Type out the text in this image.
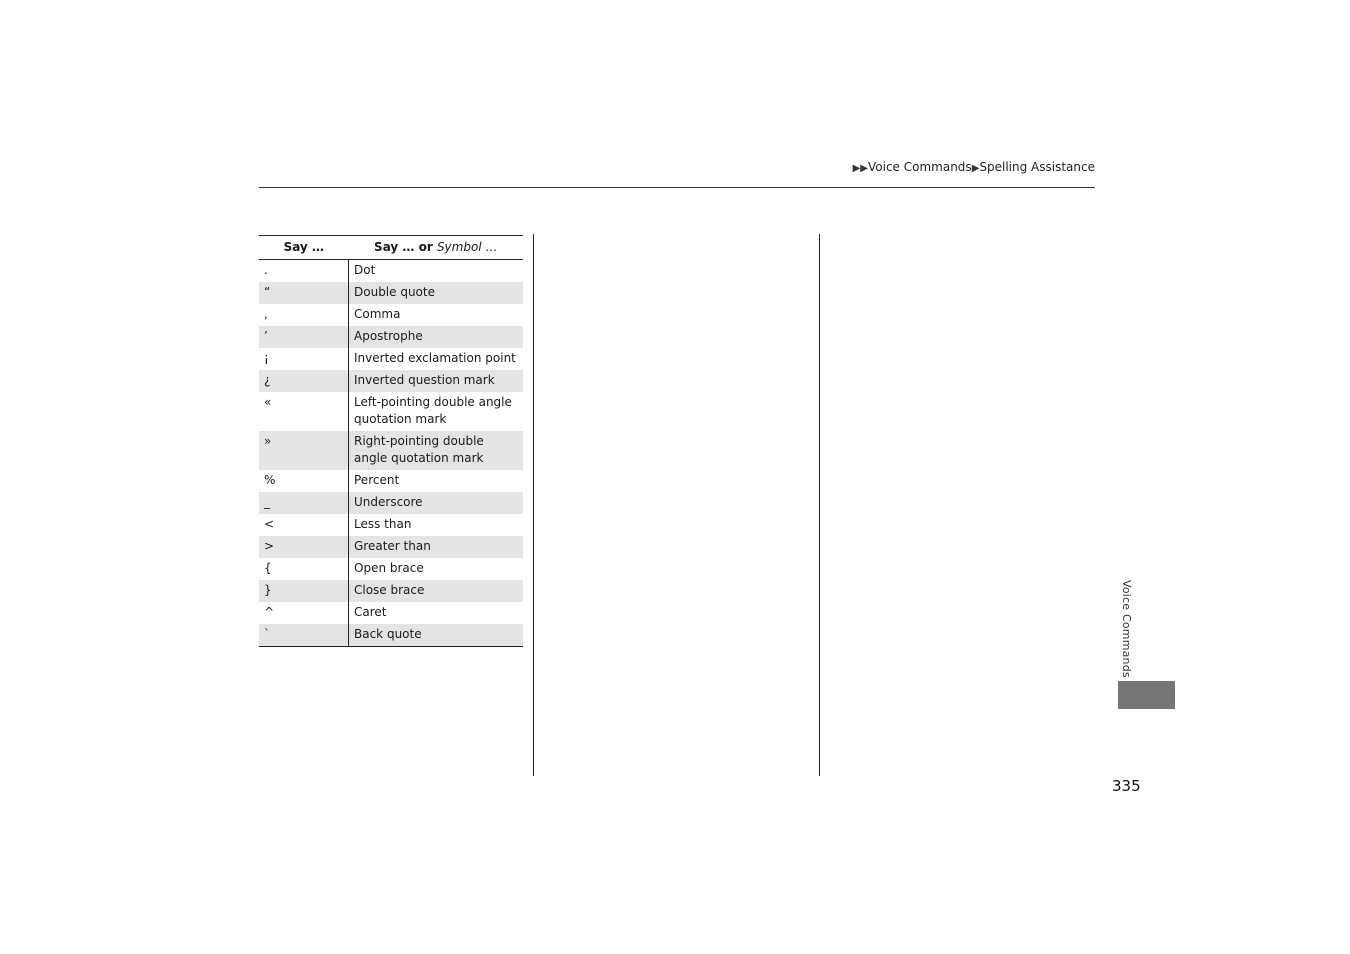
▶▶Voice Commands▶Spelling Assistance
Say …	Say … or Symbol …
.	Dot
“	Double quote
,	Comma
’	Apostrophe
¡	Inverted exclamation point
¿	Inverted question mark
«	Left-pointing double angle quotation mark
»	Right-pointing double angle quotation mark
%	Percent
_	Underscore
<	Less than
>	Greater than
{	Open brace
}	Close brace
^	Caret
`	Back quote	Voice Commands
335
